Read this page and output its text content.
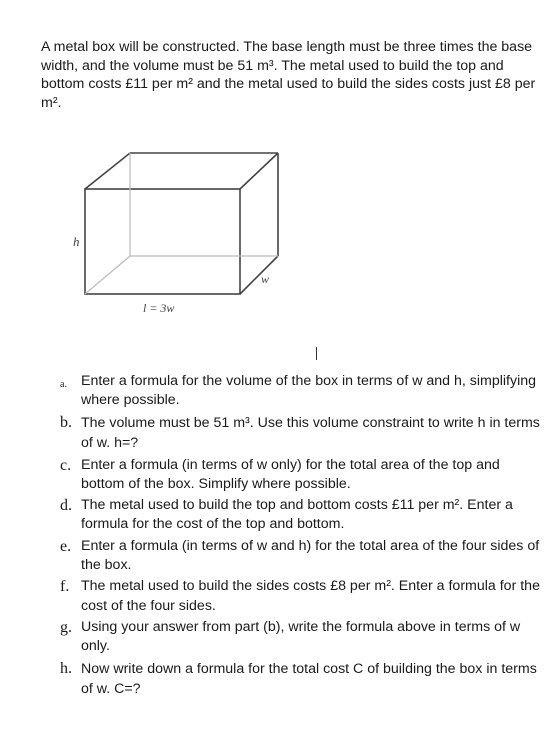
A metal box will be constructed. The base length must be three times the base width, and the volume must be 51 m³. The metal used to build the top and bottom costs £11 per m² and the metal used to build the sides costs just £8 per m².

h
w
l = 3w
a. Enter a formula for the volume of the box in terms of w and h, simplifying where possible.
b. The volume must be 51 m³. Use this volume constraint to write h in terms of w. h=?
c. Enter a formula (in terms of w only) for the total area of the top and bottom of the box. Simplify where possible.
d. The metal used to build the top and bottom costs £11 per m². Enter a formula for the cost of the top and bottom.
e. Enter a formula (in terms of w and h) for the total area of the four sides of the box.
f. The metal used to build the sides costs £8 per m². Enter a formula for the cost of the four sides.
g. Using your answer from part (b), write the formula above in terms of w only.
h. Now write down a formula for the total cost C of building the box in terms of w. C=?
